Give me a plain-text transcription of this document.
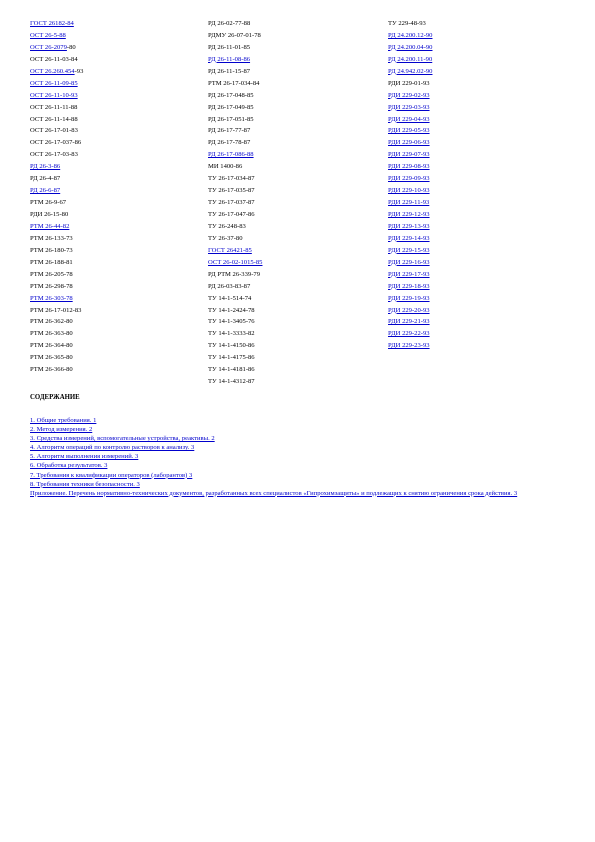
ГОСТ 26182-84
ОСТ 26-5-88
ОСТ 26-2079-80
ОСТ 26-11-03-84
ОСТ 26.260.454-93
ОСТ 26-11-09-85
ОСТ 26-11-10-93
ОСТ 26-11-11-88
ОСТ 26-11-14-88
ОСТ 26-17-01-83
ОСТ 26-17-037-86
ОСТ 26-17-03-83
РД 26-3-86
РД 26-4-87
РД 26-6-87
РТМ 26-9-67
РДИ 26-15-80
РТМ 26-44-82
РТМ 26-133-73
РТМ 26-180-73
РТМ 26-188-81
РТМ 26-205-78
РТМ 26-298-78
РТМ 26-303-78
РТМ 26-17-012-83
РТМ 26-362-80
РТМ 26-363-80
РТМ 26-364-80
РТМ 26-365-80
РТМ 26-366-80
РД 26-02-77-88
РДМУ 26-07-01-78
РД 26-11-01-85
РД 26-11-08-86
РД 26-11-15-87
РТМ 26-17-034-84
РД 26-17-048-85
РД 26-17-049-85
РД 26-17-051-85
РД 26-17-77-87
РД 26-17-78-87
РД 26-17-086-88
МИ 1400-86
ТУ 26-17-034-87
ТУ 26-17-035-87
ТУ 26-17-037-87
ТУ 26-17-047-86
ТУ 26-248-83
ТУ 26-37-80
ГОСТ 26421-85
ОСТ 26-02-1015-85
РД РТМ 26-339-79
РД 26-03-83-87
ТУ 14-1-514-74
ТУ 14-1-2424-78
ТУ 14-1-3405-76
ТУ 14-1-3333-82
ТУ 14-1-4150-86
ТУ 14-1-4175-86
ТУ 14-1-4181-86
ТУ 14-1-4312-87
ТУ 229-48-93
РД 24.200.12-90
РД 24.200.04-90
РД 24.200.11-90
РД 24.942.02-90
РДИ 229-01-93
РДИ 229-02-93
РДИ 229-03-93
РДИ 229-04-93
РДИ 229-05-93
РДИ 229-06-93
РДИ 229-07-93
РДИ 229-08-93
РДИ 229-09-93
РДИ 229-10-93
РДИ 229-11-93
РДИ 229-12-93
РДИ 229-13-93
РДИ 229-14-93
РДИ 229-15-93
РДИ 229-16-93
РДИ 229-17-93
РДИ 229-18-93
РДИ 229-19-93
РДИ 229-20-93
РДИ 229-21-93
РДИ 229-22-93
РДИ 229-23-93
СОДЕРЖАНИЕ
1. Общие требования. 1
2. Метод измерения. 2
3. Средства измерений, вспомогательные устройства, реактивы. 2
4. Алгоритм операций по контролю растворов к анализу. 3
5. Алгоритм выполнения измерений. 3
6. Обработка результатов. 3
7. Требования к квалификации операторов (лаборантов) 3
8. Требования техники безопасности. 3
Приложение. Перечень нормативно-технических документов, разработанных всех специалистов «Гипрохимзащиты» и подлежащих к снятию ограничения срока действия. 3
